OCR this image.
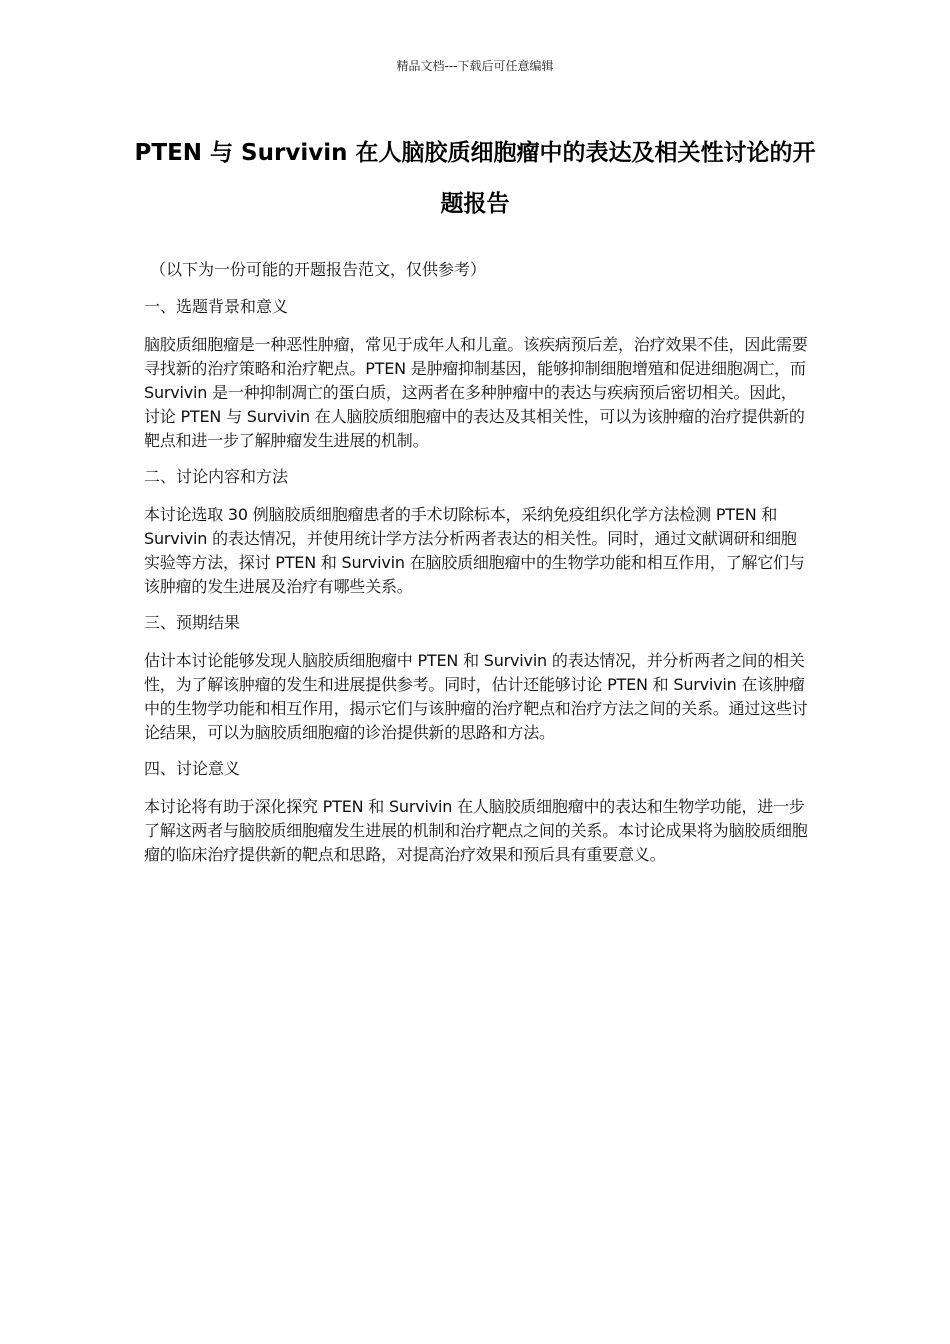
精品文档---下载后可任意编辑
PTEN 与 Survivin 在人脑胶质细胞瘤中的表达及相关性讨论的开题报告

（以下为一份可能的开题报告范文，仅供参考）

一、选题背景和意义

脑胶质细胞瘤是一种恶性肿瘤，常见于成年人和儿童。该疾病预后差，治疗效果不佳，因此需要寻找新的治疗策略和治疗靶点。PTEN 是肿瘤抑制基因，能够抑制细胞增殖和促进细胞凋亡，而 Survivin 是一种抑制凋亡的蛋白质，这两者在多种肿瘤中的表达与疾病预后密切相关。因此，讨论 PTEN 与 Survivin 在人脑胶质细胞瘤中的表达及其相关性，可以为该肿瘤的治疗提供新的靶点和进一步了解肿瘤发生进展的机制。

二、讨论内容和方法

本讨论选取 30 例脑胶质细胞瘤患者的手术切除标本，采纳免疫组织化学方法检测 PTEN 和 Survivin 的表达情况，并使用统计学方法分析两者表达的相关性。同时，通过文献调研和细胞实验等方法，探讨 PTEN 和 Survivin 在脑胶质细胞瘤中的生物学功能和相互作用，了解它们与该肿瘤的发生进展及治疗有哪些关系。

三、预期结果

估计本讨论能够发现人脑胶质细胞瘤中 PTEN 和 Survivin 的表达情况，并分析两者之间的相关性，为了解该肿瘤的发生和进展提供参考。同时，估计还能够讨论 PTEN 和 Survivin 在该肿瘤中的生物学功能和相互作用，揭示它们与该肿瘤的治疗靶点和治疗方法之间的关系。通过这些讨论结果，可以为脑胶质细胞瘤的诊治提供新的思路和方法。

四、讨论意义

本讨论将有助于深化探究 PTEN 和 Survivin 在人脑胶质细胞瘤中的表达和生物学功能，进一步了解这两者与脑胶质细胞瘤发生进展的机制和治疗靶点之间的关系。本讨论成果将为脑胶质细胞瘤的临床治疗提供新的靶点和思路，对提高治疗效果和预后具有重要意义。
